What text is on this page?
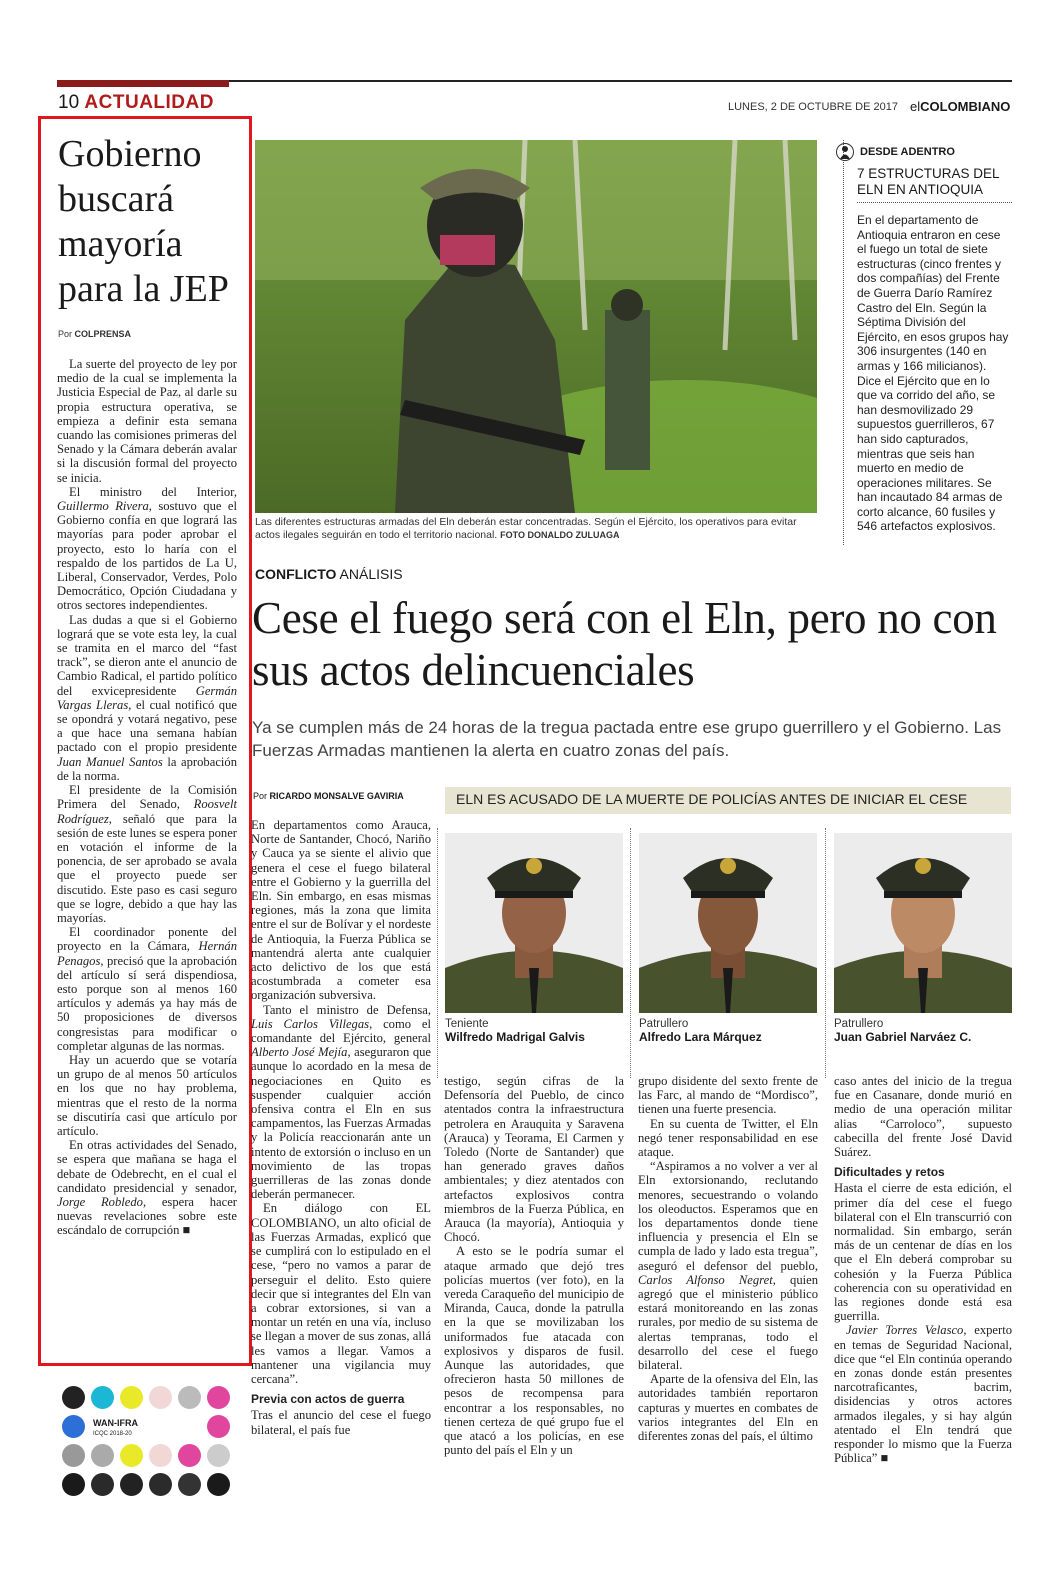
10 ACTUALIDAD	LUNES, 2 DE OCTUBRE DE 2017 elCOLOMBIANO
Gobierno buscará mayoría para la JEP
Por COLPRENSA

La suerte del proyecto de ley por medio de la cual se implementa la Justicia Especial de Paz, al darle su propia estructura operativa, se empieza a definir esta semana cuando las comisiones primeras del Senado y la Cámara deberán avalar si la discusión formal del proyecto se inicia.

El ministro del Interior, Guillermo Rivera, sostuvo que el Gobierno confía en que logrará las mayorías para poder aprobar el proyecto, esto lo haría con el respaldo de los partidos de La U, Liberal, Conservador, Verdes, Polo Democrático, Opción Ciudadana y otros sectores independientes.

Las dudas a que si el Gobierno logrará que se vote esta ley, la cual se tramita en el marco del “fast track”, se dieron ante el anuncio de Cambio Radical, el partido político del exvicepresidente Germán Vargas Lleras, el cual notificó que se opondrá y votará negativo, pese a que hace una semana habían pactado con el propio presidente Juan Manuel Santos la aprobación de la norma.

El presidente de la Comisión Primera del Senado, Roosvelt Rodríguez, señaló que para la sesión de este lunes se espera poner en votación el informe de la ponencia, de ser aprobado se avala que el proyecto puede ser discutido. Este paso es casi seguro que se logre, debido a que hay las mayorías.

El coordinador ponente del proyecto en la Cámara, Hernán Penagos, precisó que la aprobación del artículo sí será dispendiosa, esto porque son al menos 160 artículos y además ya hay más de 50 proposiciones de diversos congresistas para modificar o completar algunas de las normas.

Hay un acuerdo que se votaría un grupo de al menos 50 artículos en los que no hay problema, mientras que el resto de la norma se discutiría casi que artículo por artículo.

En otras actividades del Senado, se espera que mañana se haga el debate de Odebrecht, en el cual el candidato presidencial y senador, Jorge Robledo, espera hacer nuevas revelaciones sobre este escándalo de corrupción ■

Las diferentes estructuras armadas del Eln deberán estar concentradas. Según el Ejército, los operativos para evitar actos ilegales seguirán en todo el territorio nacional. FOTO DONALDO ZULUAGA
DESDE ADENTRO
7 ESTRUCTURAS DEL ELN EN ANTIOQUIA
En el departamento de Antioquia entraron en cese el fuego un total de siete estructuras (cinco frentes y dos compañías) del Frente de Guerra Darío Ramírez Castro del Eln. Según la Séptima División del Ejército, en esos grupos hay 306 insurgentes (140 en armas y 166 milicianos). Dice el Ejército que en lo que va corrido del año, se han desmovilizado 29 supuestos guerrilleros, 67 han sido capturados, mientras que seis han muerto en medio de operaciones militares. Se han incautado 84 armas de corto alcance, 60 fusiles y 546 artefactos explosivos.
CONFLICTO ANÁLISIS
Cese el fuego será con el Eln, pero no con sus actos delincuenciales
Ya se cumplen más de 24 horas de la tregua pactada entre ese grupo guerrillero y el Gobierno. Las Fuerzas Armadas mantienen la alerta en cuatro zonas del país.
Por RICARDO MONSALVE GAVIRIA	ELN ES ACUSADO DE LA MUERTE DE POLICÍAS ANTES DE INICIAR EL CESE
Teniente
Wilfredo Madrigal Galvis
Patrullero
Alfredo Lara Márquez
Patrullero
Juan Gabriel Narváez C.

En departamentos como Arauca, Norte de Santander, Chocó, Nariño y Cauca ya se siente el alivio que genera el cese el fuego bilateral entre el Gobierno y la guerrilla del Eln. Sin embargo, en esas mismas regiones, más la zona que limita entre el sur de Bolívar y el nordeste de Antioquia, la Fuerza Pública se mantendrá alerta ante cualquier acto delictivo de los que está acostumbrada a cometer esa organización subversiva.

Tanto el ministro de Defensa, Luis Carlos Villegas, como el comandante del Ejército, general Alberto José Mejía, aseguraron que aunque lo acordado en la mesa de negociaciones en Quito es suspender cualquier acción ofensiva contra el Eln en sus campamentos, las Fuerzas Armadas y la Policía reaccionarán ante un intento de extorsión o incluso en un movimiento de las tropas guerrilleras de las zonas donde deberán permanecer.

En diálogo con EL COLOMBIANO, un alto oficial de las Fuerzas Armadas, explicó que se cumplirá con lo estipulado en el cese, “pero no vamos a parar de perseguir el delito. Esto quiere decir que si integrantes del Eln van a cobrar extorsiones, si van a montar un retén en una vía, incluso se llegan a mover de sus zonas, allá les vamos a llegar. Vamos a mantener una vigilancia muy cercana”.

Previa con actos de guerra

Tras el anuncio del cese el fuego bilateral, el país fue

testigo, según cifras de la Defensoría del Pueblo, de cinco atentados contra la infraestructura petrolera en Arauquita y Saravena (Arauca) y Teorama, El Carmen y Toledo (Norte de Santander) que han generado graves daños ambientales; y diez atentados con artefactos explosivos contra miembros de la Fuerza Pública, en Arauca (la mayoría), Antioquia y Chocó.

A esto se le podría sumar el ataque armado que dejó tres policías muertos (ver foto), en la vereda Caraqueño del municipio de Miranda, Cauca, donde la patrulla en la que se movilizaban los uniformados fue atacada con explosivos y disparos de fusil. Aunque las autoridades, que ofrecieron hasta 50 millones de pesos de recompensa para encontrar a los responsables, no tienen certeza de qué grupo fue el que atacó a los policías, en ese punto del país el Eln y un

grupo disidente del sexto frente de las Farc, al mando de “Mordisco”, tienen una fuerte presencia.

En su cuenta de Twitter, el Eln negó tener responsabilidad en ese ataque.

“Aspiramos a no volver a ver al Eln extorsionando, reclutando menores, secuestrando o volando los oleoductos. Esperamos que en los departamentos donde tiene influencia y presencia el Eln se cumpla de lado y lado esta tregua”, aseguró el defensor del pueblo, Carlos Alfonso Negret, quien agregó que el ministerio público estará monitoreando en las zonas rurales, por medio de su sistema de alertas tempranas, todo el desarrollo del cese el fuego bilateral.

Aparte de la ofensiva del Eln, las autoridades también reportaron capturas y muertes en combates de varios integrantes del Eln en diferentes zonas del país, el último

caso antes del inicio de la tregua fue en Casanare, donde murió en medio de una operación militar alias “Carroloco”, supuesto cabecilla del frente José David Suárez.

Dificultades y retos

Hasta el cierre de esta edición, el primer día del cese el fuego bilateral con el Eln transcurrió con normalidad. Sin embargo, serán más de un centenar de días en los que el Eln deberá comprobar su cohesión y la Fuerza Pública coherencia con su operatividad en las regiones donde está esa guerrilla.

Javier Torres Velasco, experto en temas de Seguridad Nacional, dice que “el Eln continúa operando en zonas donde están presentes narcotraficantes, bacrim, disidencias y otros actores armados ilegales, y si hay algún atentado el Eln tendrá que responder lo mismo que la Fuerza Pública” ■

WAN-IFRA
ICQC 2018-20
